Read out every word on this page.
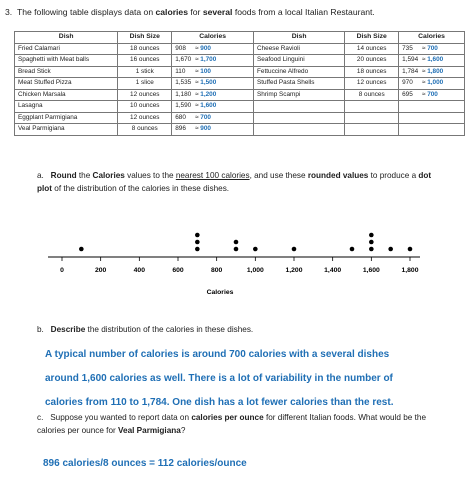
3. The following table displays data on calories for several foods from a local Italian Restaurant.
Dish	Dish Size	Calories	Dish	Dish Size	Calories
Fried Calamari	18 ounces	908 ≈ 900	Cheese Ravioli	14 ounces	735 ≈ 700
Spaghetti with Meat balls	16 ounces	1,670 ≈ 1,700	Seafood Linguini	20 ounces	1,594 ≈ 1,600
Bread Stick	1 stick	110 ≈ 100	Fettuccine Alfredo	18 ounces	1,784 ≈ 1,800
Meat Stuffed Pizza	1 slice	1,535 ≈ 1,500	Stuffed Pasta Shells	12 ounces	970 ≈ 1,000
Chicken Marsala	12 ounces	1,180 ≈ 1,200	Shrimp Scampi	8 ounces	695 ≈ 700
Lasagna	10 ounces	1,590 ≈ 1,600			
Eggplant Parmigiana	12 ounces	680 ≈ 700			
Veal Parmigiana	8 ounces	896 ≈ 900			
a. Round the Calories values to the nearest 100 calories, and use these rounded values to produce a dot plot of the distribution of the calories in these dishes.
0	200	400	600	800	1,000	1,200	1,400	1,600	1,800
Calories
b. Describe the distribution of the calories in these dishes.
A typical number of calories is around 700 calories with a several dishes
around 1,600 calories as well. There is a lot of variability in the number of
calories from 110 to 1,784. One dish has a lot fewer calories than the rest.
c. Suppose you wanted to report data on calories per ounce for different Italian foods. What would be the calories per ounce for Veal Parmigiana?
896 calories/8 ounces = 112 calories/ounce
